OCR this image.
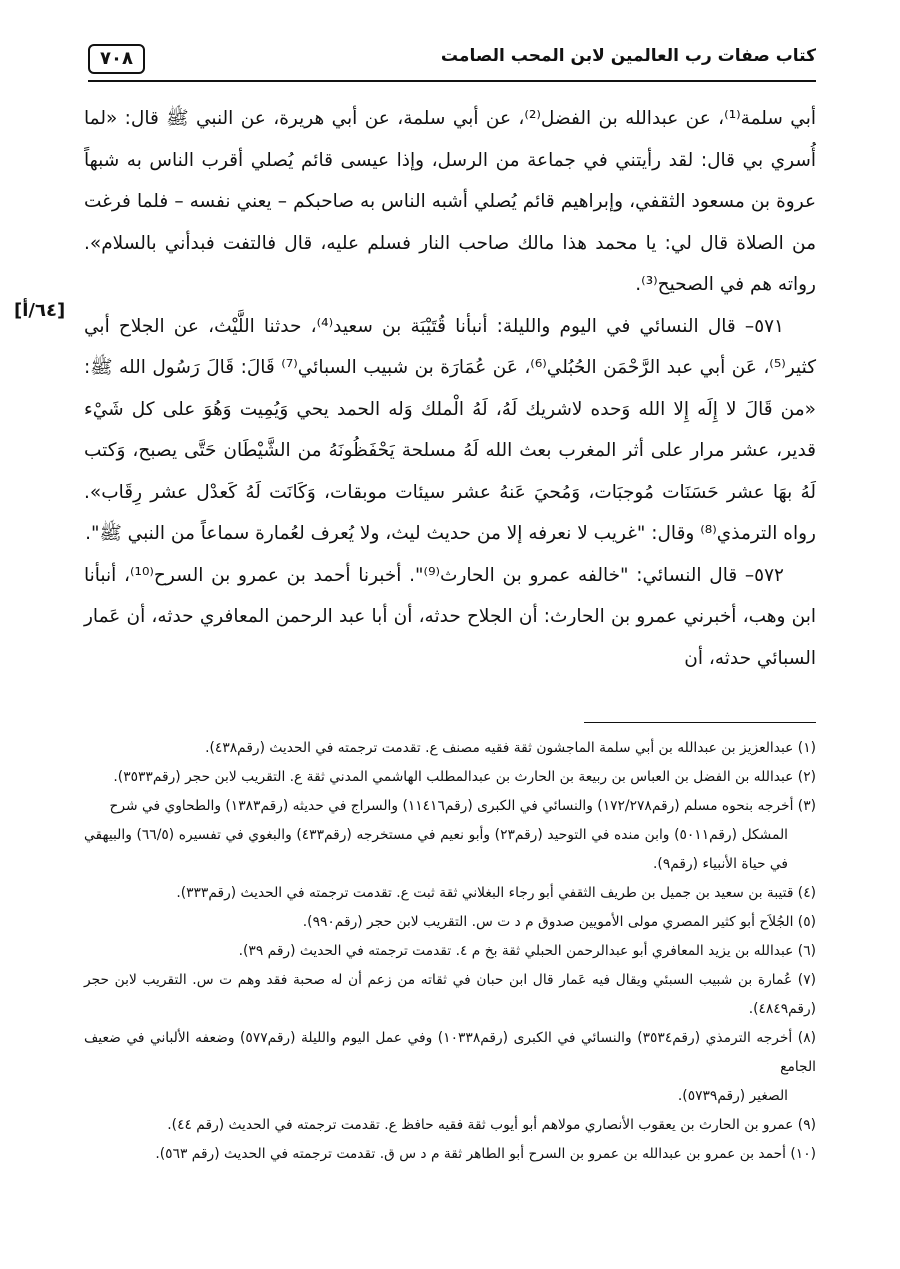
كتاب صفات رب العالمين لابن المحب الصامت
٧٠٨
[٦٤/أ]

أبي سلمة⁽¹⁾، عن عبدالله بن الفضل⁽²⁾، عن أبي سلمة، عن أبي هريرة، عن النبي ﷺ قال: «لما أُسري بي قال: لقد رأيتني في جماعة من الرسل، وإذا عيسى قائم يُصلي أقرب الناس به شبهاً عروة بن مسعود الثقفي، وإبراهيم قائم يُصلي أشبه الناس به صاحبكم – يعني نفسه – فلما فرغت من الصلاة قال لي: يا محمد هذا مالك صاحب النار فسلم عليه، قال فالتفت فبدأني بالسلام». رواته هم في الصحيح⁽³⁾.

٥٧١– قال النسائي في اليوم والليلة: أنبأنا قُتَيْبَة بن سعيد⁽⁴⁾، حدثنا اللَّيْث، عن الجلاح أبي كثير⁽⁵⁾، عَن أبي عبد الرَّحْمَن الحُبُلي⁽⁶⁾، عَن عُمَارَة بن شبيب السبائي⁽⁷⁾ قَالَ: قَالَ رَسُول الله ﷺ: «من قَالَ لا إِلَه إِلا الله وَحده لاشريك لَهُ، لَهُ الْملك وَله الحمد يحي وَيُمِيت وَهُوَ على كل شَيْء قدير، عشر مرار على أثر المغرب بعث الله لَهُ مسلحة يَحْفَظُونَهُ من الشَّيْطَان حَتَّى يصبح، وَكتب لَهُ بهَا عشر حَسَنَات مُوجبَات، وَمُحيَ عَنهُ عشر سيئات موبقات، وَكَانَت لَهُ كَعدْل عشر رِقَاب». رواه الترمذي⁽⁸⁾ وقال: "غريب لا نعرفه إلا من حديث ليث، ولا يُعرف لعُمارة سماعاً من النبي ﷺ".

٥٧٢– قال النسائي: "خالفه عمرو بن الحارث⁽⁹⁾". أخبرنا أحمد بن عمرو بن السرح⁽¹⁰⁾، أنبأنا ابن وهب، أخبرني عمرو بن الحارث: أن الجلاح حدثه، أن أبا عبد الرحمن المعافري حدثه، أن عَمار السبائي حدثه، أن

(١) عبدالعزيز بن عبدالله بن أبي سلمة الماجشون ثقة فقيه مصنف ع. تقدمت ترجمته في الحديث (رقم٤٣٨).

(٢) عبدالله بن الفضل بن العباس بن ربيعة بن الحارث بن عبدالمطلب الهاشمي المدني ثقة ع. التقريب لابن حجر (رقم٣٥٣٣).

(٣) أخرجه بنحوه مسلم (رقم١٧٢/٢٧٨) والنسائي في الكبرى (رقم١١٤١٦) والسراج في حديثه (رقم١٣٨٣) والطحاوي في شرح

المشكل (رقم٥٠١١) وابن منده في التوحيد (رقم٢٣) وأبو نعيم في مستخرجه (رقم٤٣٣) والبغوي في تفسيره (٦٦/٥) والبيهقي في حياة الأنبياء (رقم٩).

(٤) قتيبة بن سعيد بن جميل بن طريف الثقفي أبو رجاء البغلاني ثقة ثبت ع. تقدمت ترجمته في الحديث (رقم٣٣٣).

(٥) الجُلاَح أبو كثير المصري مولى الأمويين صدوق م د ت س. التقريب لابن حجر (رقم٩٩٠).

(٦) عبدالله بن يزيد المعافري أبو عبدالرحمن الحبلي ثقة بخ م ٤. تقدمت ترجمته في الحديث (رقم ٣٩).

(٧) عُمارة بن شبيب السبئي ويقال فيه عَمار قال ابن حبان في ثقاته من زعم أن له صحبة فقد وهم ت س. التقريب لابن حجر (رقم٤٨٤٩).

(٨) أخرجه الترمذي (رقم٣٥٣٤) والنسائي في الكبرى (رقم١٠٣٣٨) وفي عمل اليوم والليلة (رقم٥٧٧) وضعفه الألباني في ضعيف الجامع

الصغير (رقم٥٧٣٩).

(٩) عمرو بن الحارث بن يعقوب الأنصاري مولاهم أبو أيوب ثقة فقيه حافظ ع. تقدمت ترجمته في الحديث (رقم ٤٤).

(١٠) أحمد بن عمرو بن عبدالله بن عمرو بن السرح أبو الطاهر ثقة م د س ق. تقدمت ترجمته في الحديث (رقم ٥٦٣).
